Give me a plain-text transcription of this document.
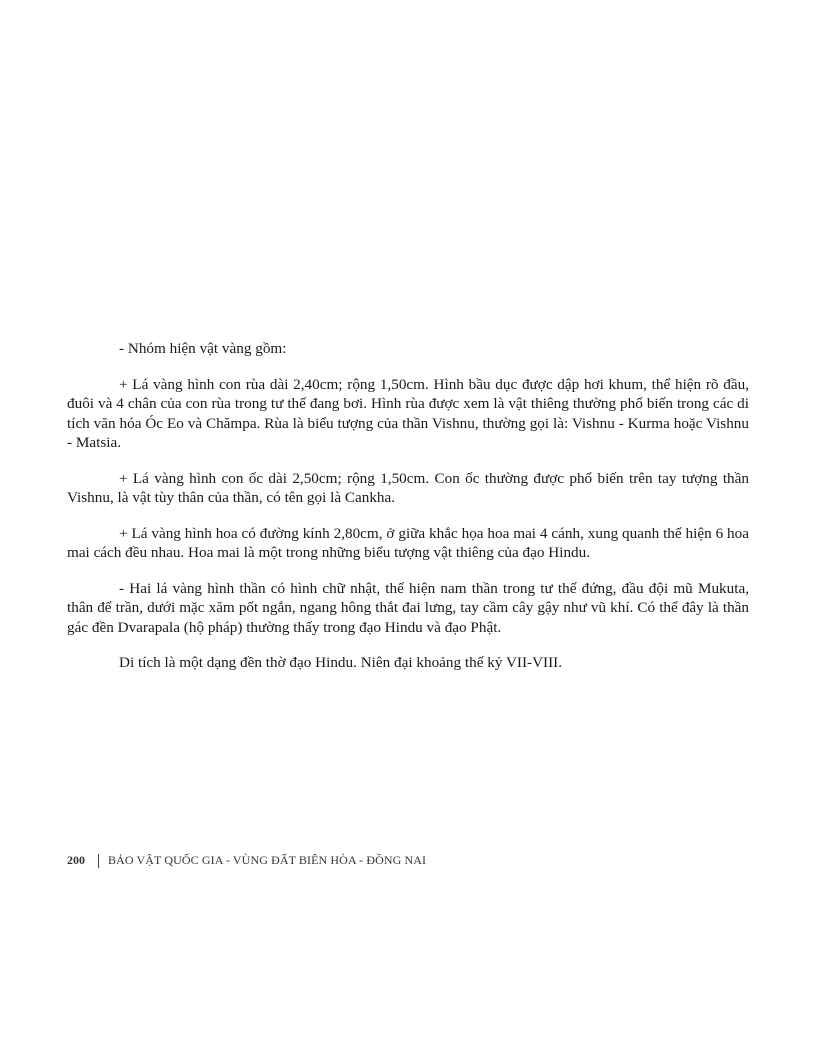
- Nhóm hiện vật vàng gồm:

+ Lá vàng hình con rùa dài 2,40cm; rộng 1,50cm. Hình bầu dục được dập hơi khum, thể hiện rõ đầu, đuôi và 4 chân của con rùa trong tư thế đang bơi. Hình rùa được xem là vật thiêng thường phổ biến trong các di tích văn hóa Óc Eo và Chămpa. Rùa là biểu tượng của thần Vishnu, thường gọi là: Vishnu - Kurma hoặc Vishnu - Matsia.

+ Lá vàng hình con ốc dài 2,50cm; rộng 1,50cm. Con ốc thường được phổ biến trên tay tượng thần Vishnu, là vật tùy thân của thần, có tên gọi là Cankha.

+ Lá vàng hình hoa có đường kính 2,80cm, ở giữa khắc họa hoa mai 4 cánh, xung quanh thể hiện 6 hoa mai cách đều nhau. Hoa mai là một trong những biểu tượng vật thiêng của đạo Hindu.

- Hai lá vàng hình thần có hình chữ nhật, thể hiện nam thần trong tư thế đứng, đầu đội mũ Mukuta, thân để trần, dưới mặc xăm pốt ngắn, ngang hông thắt đai lưng, tay cầm cây gậy như vũ khí. Có thể đây là thần gác đền Dvarapala (hộ pháp) thường thấy trong đạo Hindu và đạo Phật.

Di tích là một dạng đền thờ đạo Hindu. Niên đại khoảng thế kỷ VII-VIII.

200 BẢO VẬT QUỐC GIA - VÙNG ĐẤT BIÊN HÒA - ĐỒNG NAI
